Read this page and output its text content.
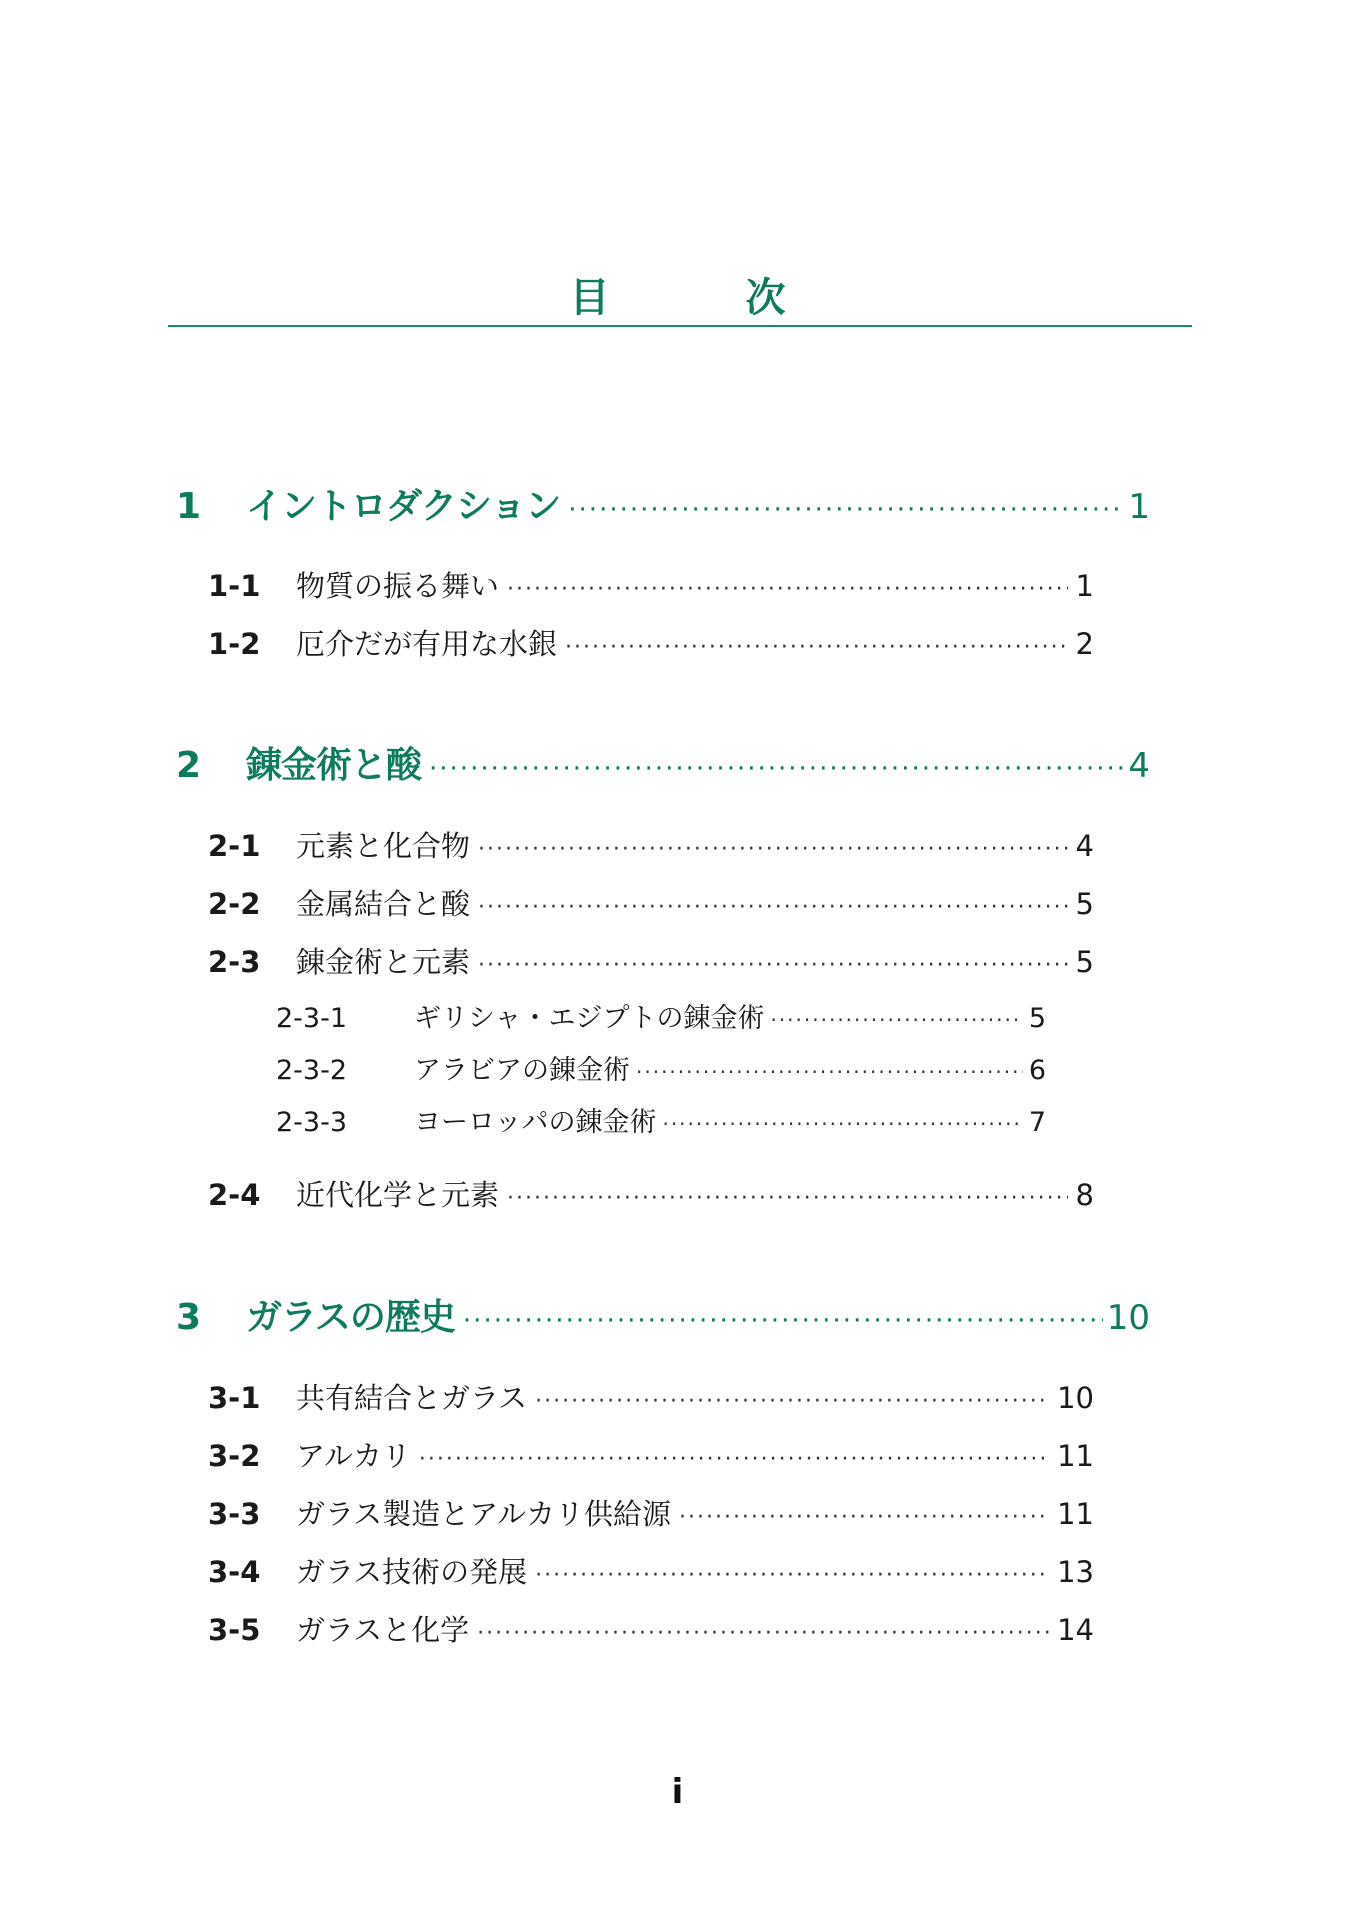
目　次
1	イントロダクション ·····	1
1-1	物質の振る舞い ·····	1
1-2	厄介だが有用な水銀 ·····	2
2	錬金術と酸 ·····	4
2-1	元素と化合物 ·····	4
2-2	金属結合と酸 ·····	5
2-3	錬金術と元素 ·····	5
2-3-1	ギリシャ・エジプトの錬金術 ·····	5
2-3-2	アラビアの錬金術 ·····	6
2-3-3	ヨーロッパの錬金術 ·····	7
2-4	近代化学と元素 ·····	8
3	ガラスの歴史 ·····	10
3-1	共有結合とガラス ·····	10
3-2	アルカリ ·····	11
3-3	ガラス製造とアルカリ供給源 ·····	11
3-4	ガラス技術の発展 ·····	13
3-5	ガラスと化学 ·····	14
i
